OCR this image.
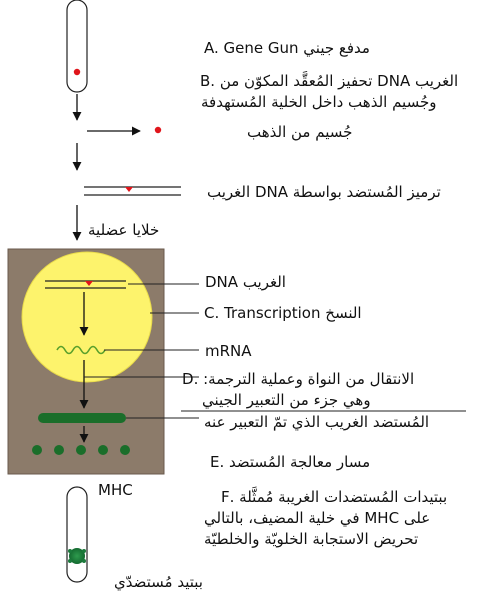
A. Gene Gun مدفع جيني
B. تحفيز المُعقَّد المكوّن من DNA الغريب
وجُسيم الذهب داخل الخلية المُستهدفة
جُسيم من الذهب
ترميز المُستضد بواسطة DNA الغريب
خلايا عضلية
DNA الغريب
C. Transcription النسخ
mRNA
الانتقال من النواة وعملية الترجمة: .D
وهي جزء من التعبير الجيني
المُستضد الغريب الذي تمّ التعبير عنه
مسار معالجة المُستضد .E
MHC	ببتيدات المُستضدات الغريبة مُمثَّلة .F
على MHC في خلية المضيف، بالتالي
تحريض الاستجابة الخلويّة والخلطيّة
ببتيد مُستضدّي
